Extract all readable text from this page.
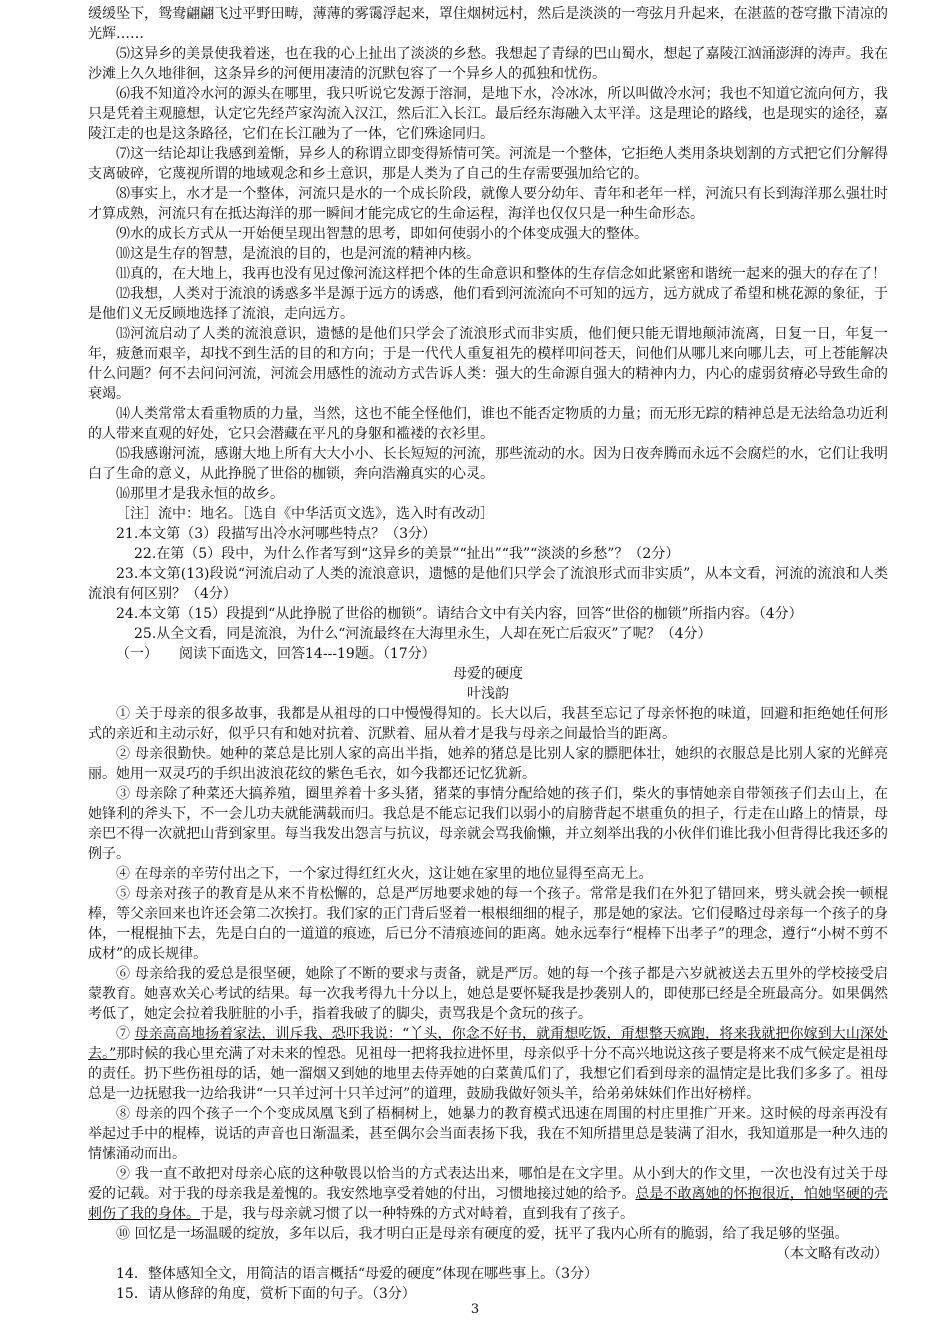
缓缓坠下，鸳鸯翩翩飞过平野田畴，薄薄的雾霭浮起来，罩住烟树远村，然后是淡淡的一弯弦月升起来，在湛蓝的苍穹撒下清凉的光辉……

⑸这异乡的美景使我着迷，也在我的心上扯出了淡淡的乡愁。我想起了青绿的巴山蜀水，想起了嘉陵江汹涌澎湃的涛声。我在沙滩上久久地徘徊，这条异乡的河便用凄清的沉默包容了一个异乡人的孤独和忧伤。

⑹我不知道冷水河的源头在哪里，我只听说它发源于溶洞，是地下水，冷冰冰，所以叫做冷水河；我也不知道它流向何方，我只是凭着主观臆想，认定它先经芦家沟流入汉江，然后汇入长江。最后经东海融入太平洋。这是理论的路线，也是现实的途径，嘉陵江走的也是这条路径，它们在长江融为了一体，它们殊途同归。

⑺这一结论却让我感到羞惭，异乡人的称谓立即变得矫情可笑。河流是一个整体，它拒绝人类用条块划割的方式把它们分解得支离破碎，它蔑视所谓的地域观念和乡土意识，那是人类为了自己的生存需要强加给它的。

⑻事实上，水才是一个整体，河流只是水的一个成长阶段，就像人要分幼年、青年和老年一样，河流只有长到海洋那么强壮时才算成熟，河流只有在抵达海洋的那一瞬间才能完成它的生命运程，海洋也仅仅只是一种生命形态。

⑼水的成长方式从一开始便呈现出智慧的思考，即如何使弱小的个体变成强大的整体。

⑽这是生存的智慧，是流浪的目的，也是河流的精神内核。

⑾真的，在大地上，我再也没有见过像河流这样把个体的生命意识和整体的生存信念如此紧密和谐统一起来的强大的存在了！

⑿我想，人类对于流浪的诱惑多半是源于远方的诱惑，他们看到河流流向不可知的远方，远方就成了希望和桃花源的象征，于是他们义无反顾地选择了流浪，走向远方。

⒀河流启动了人类的流浪意识，遗憾的是他们只学会了流浪形式而非实质，他们便只能无谓地颠沛流离，日复一日，年复一年，疲惫而艰辛，却找不到生活的目的和方向；于是一代代人重复祖先的模样叩问苍天，问他们从哪儿来向哪儿去，可上苍能解决什么问题？何不去问问河流，河流会用感性的流动方式告诉人类：强大的生命源自强大的精神内力，内心的虚弱贫瘠必导致生命的衰竭。

⒁人类常常太看重物质的力量，当然，这也不能全怪他们，谁也不能否定物质的力量；而无形无踪的精神总是无法给急功近利的人带来直观的好处，它只会潜藏在平凡的身躯和褴褛的衣衫里。

⒂我感谢河流，感谢大地上所有大大小小、长长短短的河流，那些流动的水。因为日夜奔腾而永远不会腐烂的水，它们让我明白了生命的意义，从此挣脱了世俗的枷锁，奔向浩瀚真实的心灵。

⒃那里才是我永恒的故乡。

［注］流中：地名。［选自《中华活页文选》，选入时有改动］

21.本文第（3）段描写出冷水河哪些特点？（3分）

22.在第（5）段中，为什么作者写到“这异乡的美景”“扯出”“我”“淡淡的乡愁”？（2分）

23.本文第(13)段说“河流启动了人类的流浪意识，遗憾的是他们只学会了流浪形式而非实质”，从本文看，河流的流浪和人类流浪有何区别？（4分）

24.本文第（15）段提到“从此挣脱了世俗的枷锁”。请结合文中有关内容，回答“世俗的枷锁”所指内容。（4分）

25.从全文看，同是流浪，为什么“河流最终在大海里永生，人却在死亡后寂灭”了呢？（4分）

（一）　　阅读下面选文，回答14---19题。（17分）

母爱的硬度

叶浅韵

① 关于母亲的很多故事，我都是从祖母的口中慢慢得知的。长大以后，我甚至忘记了母亲怀抱的味道，回避和拒绝她任何形式的亲近和主动示好，似乎只有和她对抗着、沉默着、屈从着才是我与母亲之间最恰当的距离。

② 母亲很勤快。她种的菜总是比别人家的高出半指，她养的猪总是比别人家的膘肥体壮，她织的衣服总是比别人家的光鲜亮丽。她用一双灵巧的手织出波浪花纹的紫色毛衣，如今我都还记忆犹新。

③ 母亲除了种菜还大搞养殖，圈里养着十多头猪，猪菜的事情分配给她的孩子们，柴火的事情她亲自带领孩子们去山上，在她锋利的斧头下，不一会儿功夫就能满载而归。我总是不能忘记我们以弱小的肩膀背起不堪重负的担子，行走在山路上的情景，母亲巴不得一次就把山背到家里。每当我发出怨言与抗议，母亲就会骂我偷懒，并立刻举出我的小伙伴们谁比我小但背得比我还多的例子。

④ 在母亲的辛劳付出之下，一个家过得红红火火，这让她在家里的地位显得至高无上。

⑤ 母亲对孩子的教育是从来不肯松懈的，总是严厉地要求她的每一个孩子。常常是我们在外犯了错回来，劈头就会挨一顿棍棒，等父亲回来也许还会第二次挨打。我们家的正门背后竖着一根根细细的棍子，那是她的家法。它们侵略过母亲每一个孩子的身体，一棍棍抽下去，先是白白的一道道的痕迹，后已分不清痕迹间的距离。她永远奉行“棍棒下出孝子”的理念，遵行“小树不剪不成材”的成长规律。

⑥ 母亲给我的爱总是很坚硬，她除了不断的要求与责备，就是严厉。她的每一个孩子都是六岁就被送去五里外的学校接受启蒙教育。她喜欢关心考试的结果。每一次我考得九十分以上，她总是要怀疑我是抄袭别人的，即使那已经是全班最高分。如果偶然考低了，她定会拉着我脏脏的小手，指着我破了的脚尖，责骂我是个贪玩的孩子。

⑦ 母亲高高地扬着家法，训斥我、恐吓我说：“丫头，你念不好书，就甭想吃饭，甭想整天疯跑，将来我就把你嫁到大山深处去。”那时候的我心里充满了对未来的惶恐。见祖母一把将我拉进怀里，母亲似乎十分不高兴地说这孩子要是将来不成气候定是祖母的责任。扔下些伤祖母的话，她一溜烟又到她的地里去侍弄她的白菜黄瓜们了，我想它们看到母亲的温情定是比我们多多了。祖母总是一边抚慰我一边给我讲“一只羊过河十只羊过河”的道理，鼓励我做好领头羊，给弟弟妹妹们作出好榜样。

⑧ 母亲的四个孩子一个个变成凤凰飞到了梧桐树上，她暴力的教育模式迅速在周围的村庄里推广开来。这时候的母亲再没有举起过手中的棍棒，说话的声音也日渐温柔，甚至偶尔会当面表扬下我，我在不知所措里总是装满了泪水，我知道那是一种久违的情愫涌动而出。

⑨ 我一直不敢把对母亲心底的这种敬畏以恰当的方式表达出来，哪怕是在文字里。从小到大的作文里，一次也没有过关于母爱的记载。对于我的母亲我是羞愧的。我安然地享受着她的付出，习惯地接过她的给予。总是不敢离她的怀抱很近，怕她坚硬的壳刺伤了我的身体。于是，我与母亲就习惯了以一种特殊的方式对峙着，直到我有了孩子。

⑩ 回忆是一场温暖的绽放，多年以后，我才明白正是母亲有硬度的爱，抚平了我内心所有的脆弱，给了我足够的坚强。

（本文略有改动）

14．整体感知全文，用简洁的语言概括“母爱的硬度”体现在哪些事上。（3分）

15．请从修辞的角度，赏析下面的句子。（3分）

3
